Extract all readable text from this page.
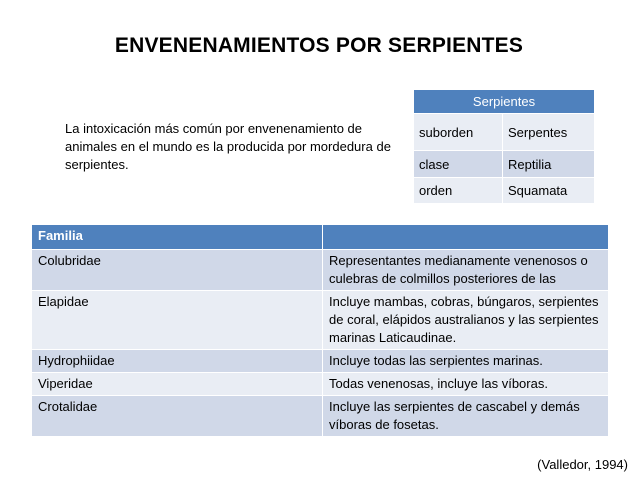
ENVENENAMIENTOS POR SERPIENTES
La intoxicación más común por envenenamiento de animales en el mundo es la producida por mordedura de serpientes.
Serpientes	
suborden	Serpentes
clase	Reptilia
orden	Squamata
Familia	
Colubridae	Representantes medianamente venenosos o culebras de colmillos posteriores de las
Elapidae	Incluye mambas, cobras, búngaros, serpientes de coral, elápidos australianos y las serpientes marinas Laticaudinae.
Hydrophiidae	Incluye todas las serpientes marinas.
Viperidae	Todas venenosas, incluye las víboras.
Crotalidae	Incluye las serpientes de cascabel y demás víboras de fosetas.
(Valledor, 1994)
